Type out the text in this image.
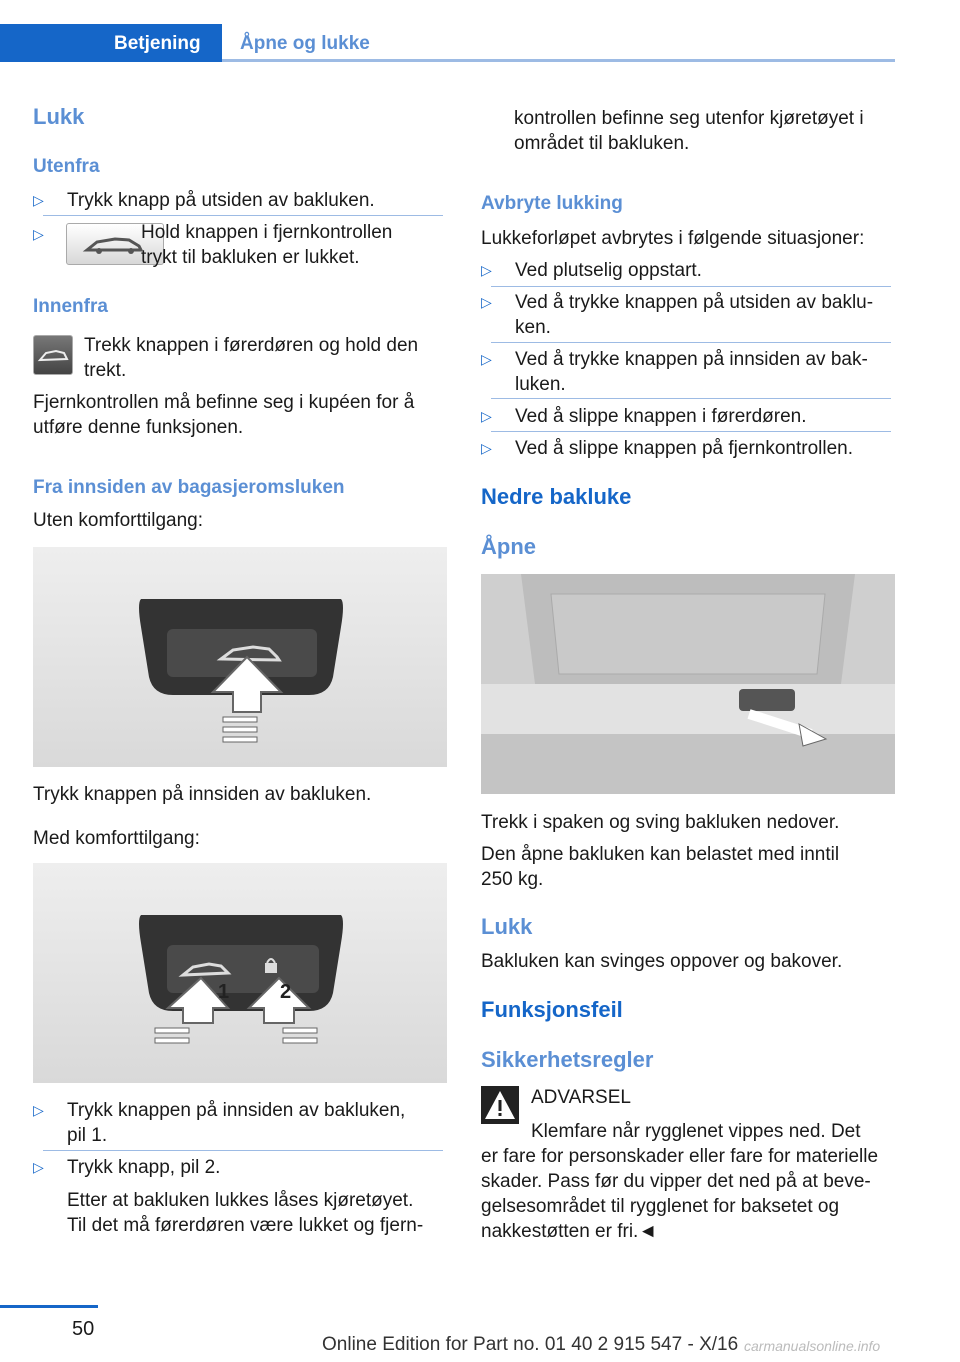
Betjening	Åpne og lukke
Lukk
Utenfra
▷ Trykk knapp på utsiden av bakluken.
▷	Hold knappen i fjernkontrollen
trykt til bakluken er lukket.
Innenfra
Trekk knappen i førerdøren og hold den
trekt.
Fjernkontrollen må befinne seg i kupéen for å
utføre denne funksjonen.
Fra innsiden av bagasjeromsluken
Uten komforttilgang:
Trykk knappen på innsiden av bakluken.
Med komforttilgang:
1	2
▷ Trykk knappen på innsiden av bakluken,
pil 1.
▷ Trykk knapp, pil 2.
Etter at bakluken lukkes låses kjøretøyet.
Til det må førerdøren være lukket og fjern-
kontrollen befinne seg utenfor kjøretøyet i
området til bakluken.
Avbryte lukking
Lukkeforløpet avbrytes i følgende situasjoner:
▷ Ved plutselig oppstart.
▷ Ved å trykke knappen på utsiden av baklu-
ken.
▷ Ved å trykke knappen på innsiden av bak-
luken.
▷ Ved å slippe knappen i førerdøren.
▷ Ved å slippe knappen på fjernkontrollen.
Nedre bakluke
Åpne
Trekk i spaken og sving bakluken nedover.
Den åpne bakluken kan belastet med inntil
250 kg.
Lukk
Bakluken kan svinges oppover og bakover.
Funksjonsfeil
Sikkerhetsregler
ADVARSEL
Klemfare når rygglenet vippes ned. Det
er fare for personskader eller fare for materielle
skader. Pass før du vipper det ned på at beve-
gelsesområdet til rygglenet for baksetet og
nakkestøtten er fri.◄
50
Online Edition for Part no. 01 40 2 915 547 - X/16 carmanualsonline.info
